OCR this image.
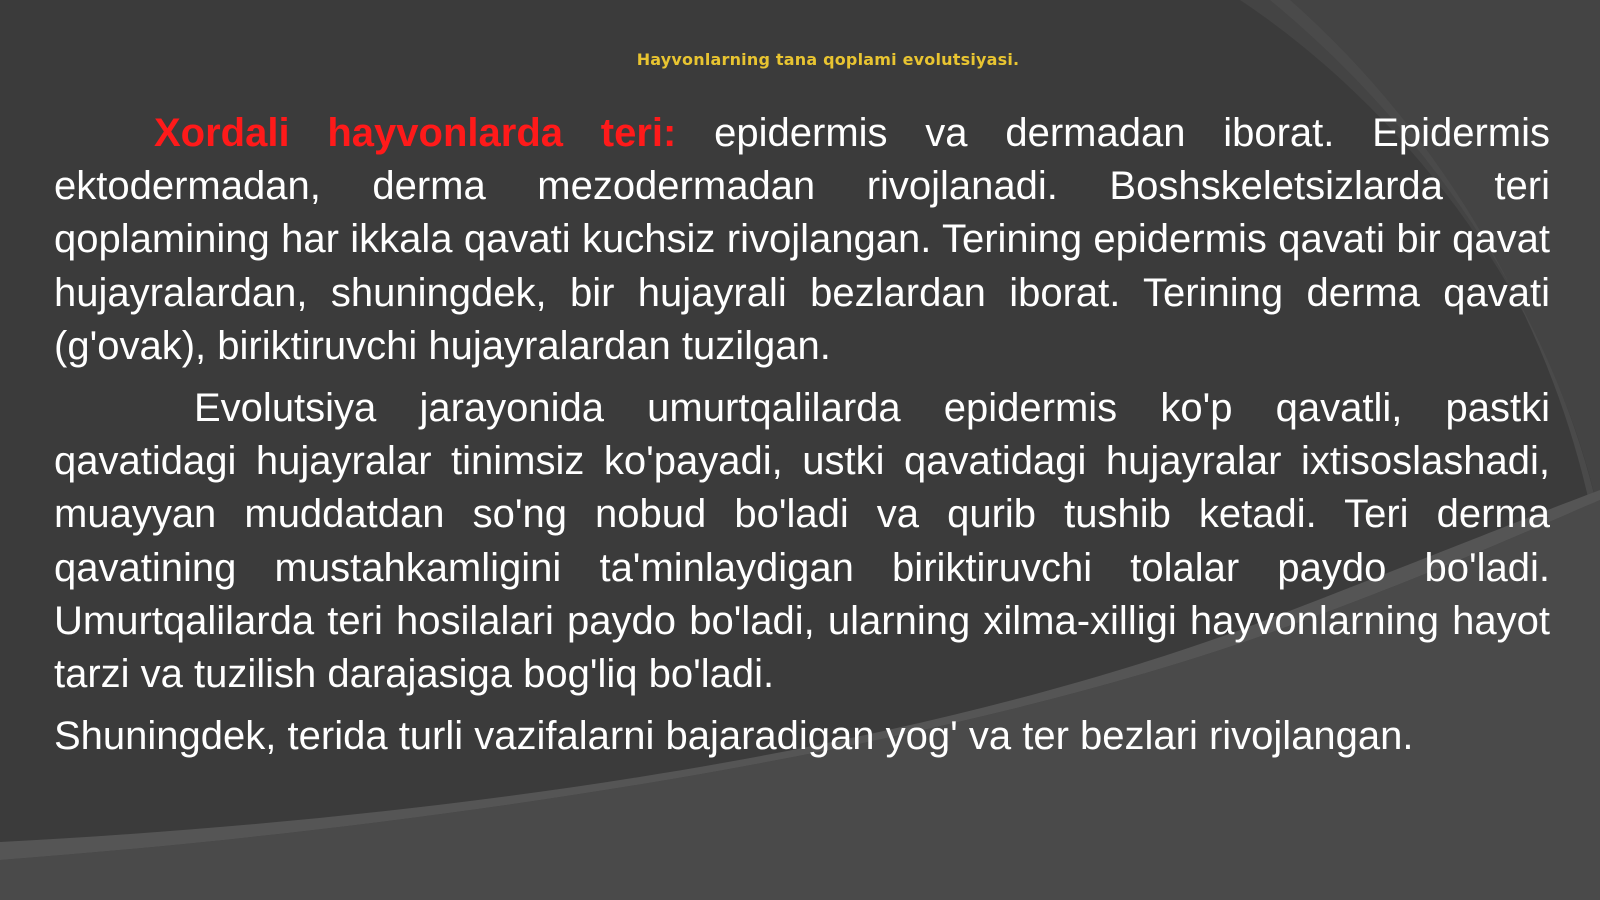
Hayvonlarning tana qoplami evolutsiyasi.

Xordali hayvonlarda teri: epidermis va dermadan iborat. Epidermis ektodermadan, derma mezodermadan rivojlanadi. Boshskeletsizlarda teri qoplamining har ikkala qavati kuchsiz rivojlangan. Terining epidermis qavati bir qavat hujayralardan, shuningdek, bir hujayrali bezlardan iborat. Terining derma qavati (g'ovak), biriktiruvchi hujayralardan tuzilgan.

Evolutsiya jarayonida umurtqalilarda epidermis ko'p qavatli, pastki qavatidagi hujayralar tinimsiz ko'payadi, ustki qavatidagi hujayralar ixtisoslashadi, muayyan muddatdan so'ng nobud bo'ladi va qurib tushib ketadi. Teri derma qavatining mustahkamligini ta'minlaydigan biriktiruvchi tolalar paydo bo'ladi. Umurtqalilarda teri hosilalari paydo bo'ladi, ularning xilma-xilligi hayvonlarning hayot tarzi va tuzilish darajasiga bog'liq bo'ladi.

Shuningdek, terida turli vazifalarni bajaradigan yog' va ter bezlari rivojlangan.
